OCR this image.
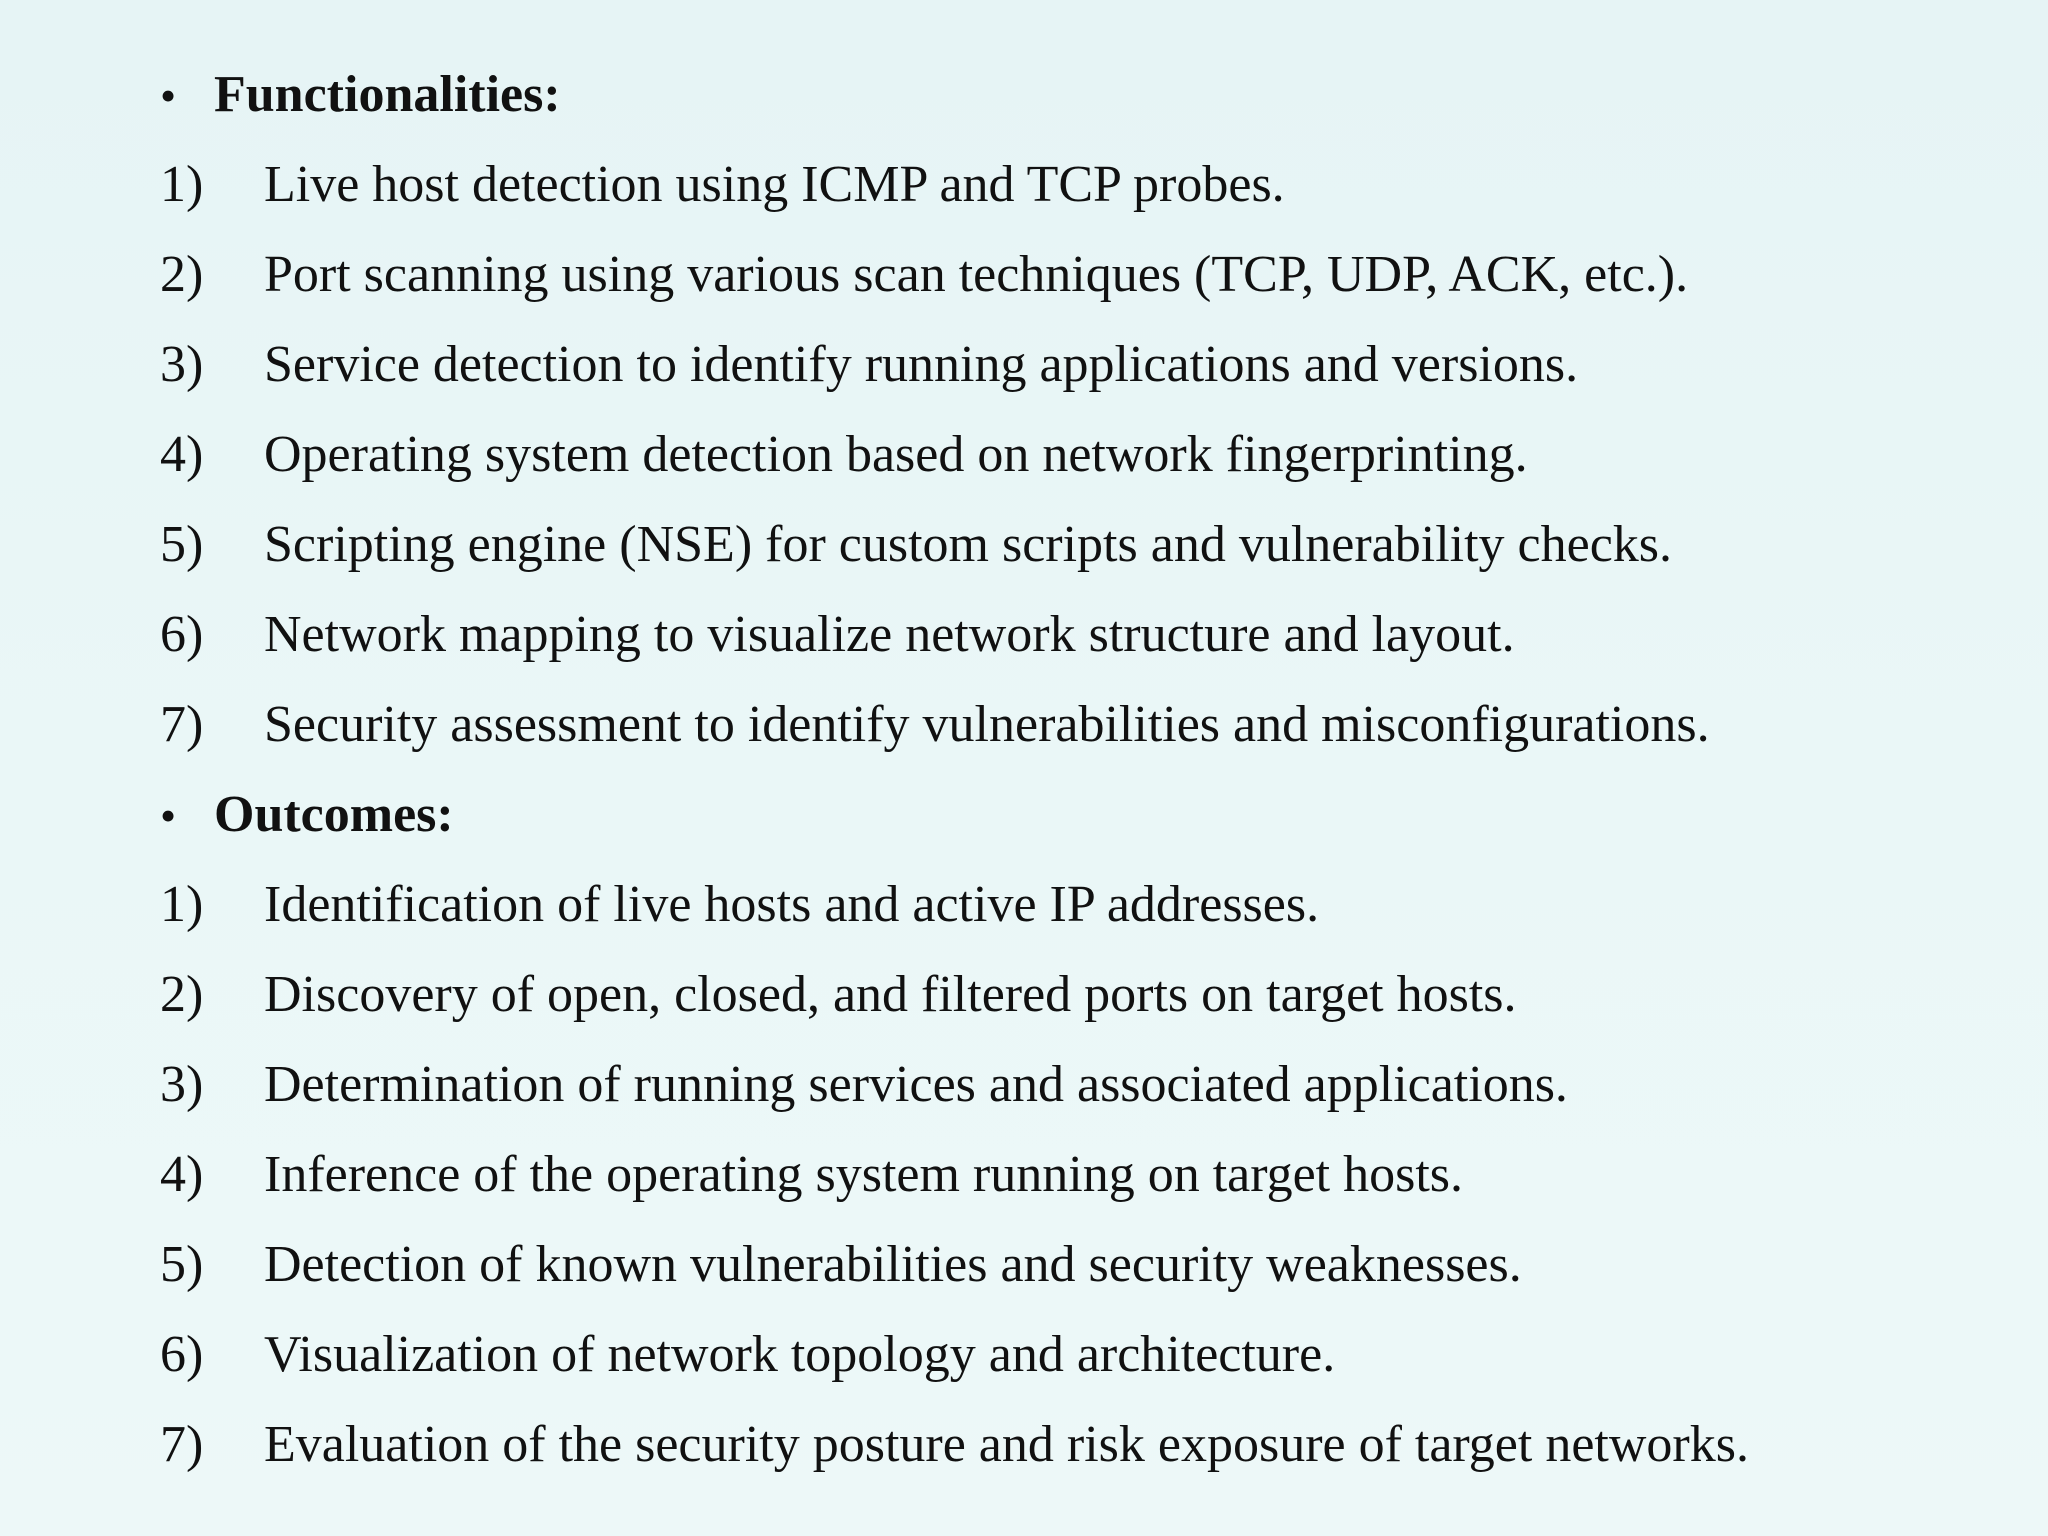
• Functionalities:
1)	Live host detection using ICMP and TCP probes.
2)	Port scanning using various scan techniques (TCP, UDP, ACK, etc.).
3)	Service detection to identify running applications and versions.
4)	Operating system detection based on network fingerprinting.
5)	Scripting engine (NSE) for custom scripts and vulnerability checks.
6)	Network mapping to visualize network structure and layout.
7)	Security assessment to identify vulnerabilities and misconfigurations.
• Outcomes:
1)	Identification of live hosts and active IP addresses.
2)	Discovery of open, closed, and filtered ports on target hosts.
3)	Determination of running services and associated applications.
4)	Inference of the operating system running on target hosts.
5)	Detection of known vulnerabilities and security weaknesses.
6)	Visualization of network topology and architecture.
7)	Evaluation of the security posture and risk exposure of target networks.
